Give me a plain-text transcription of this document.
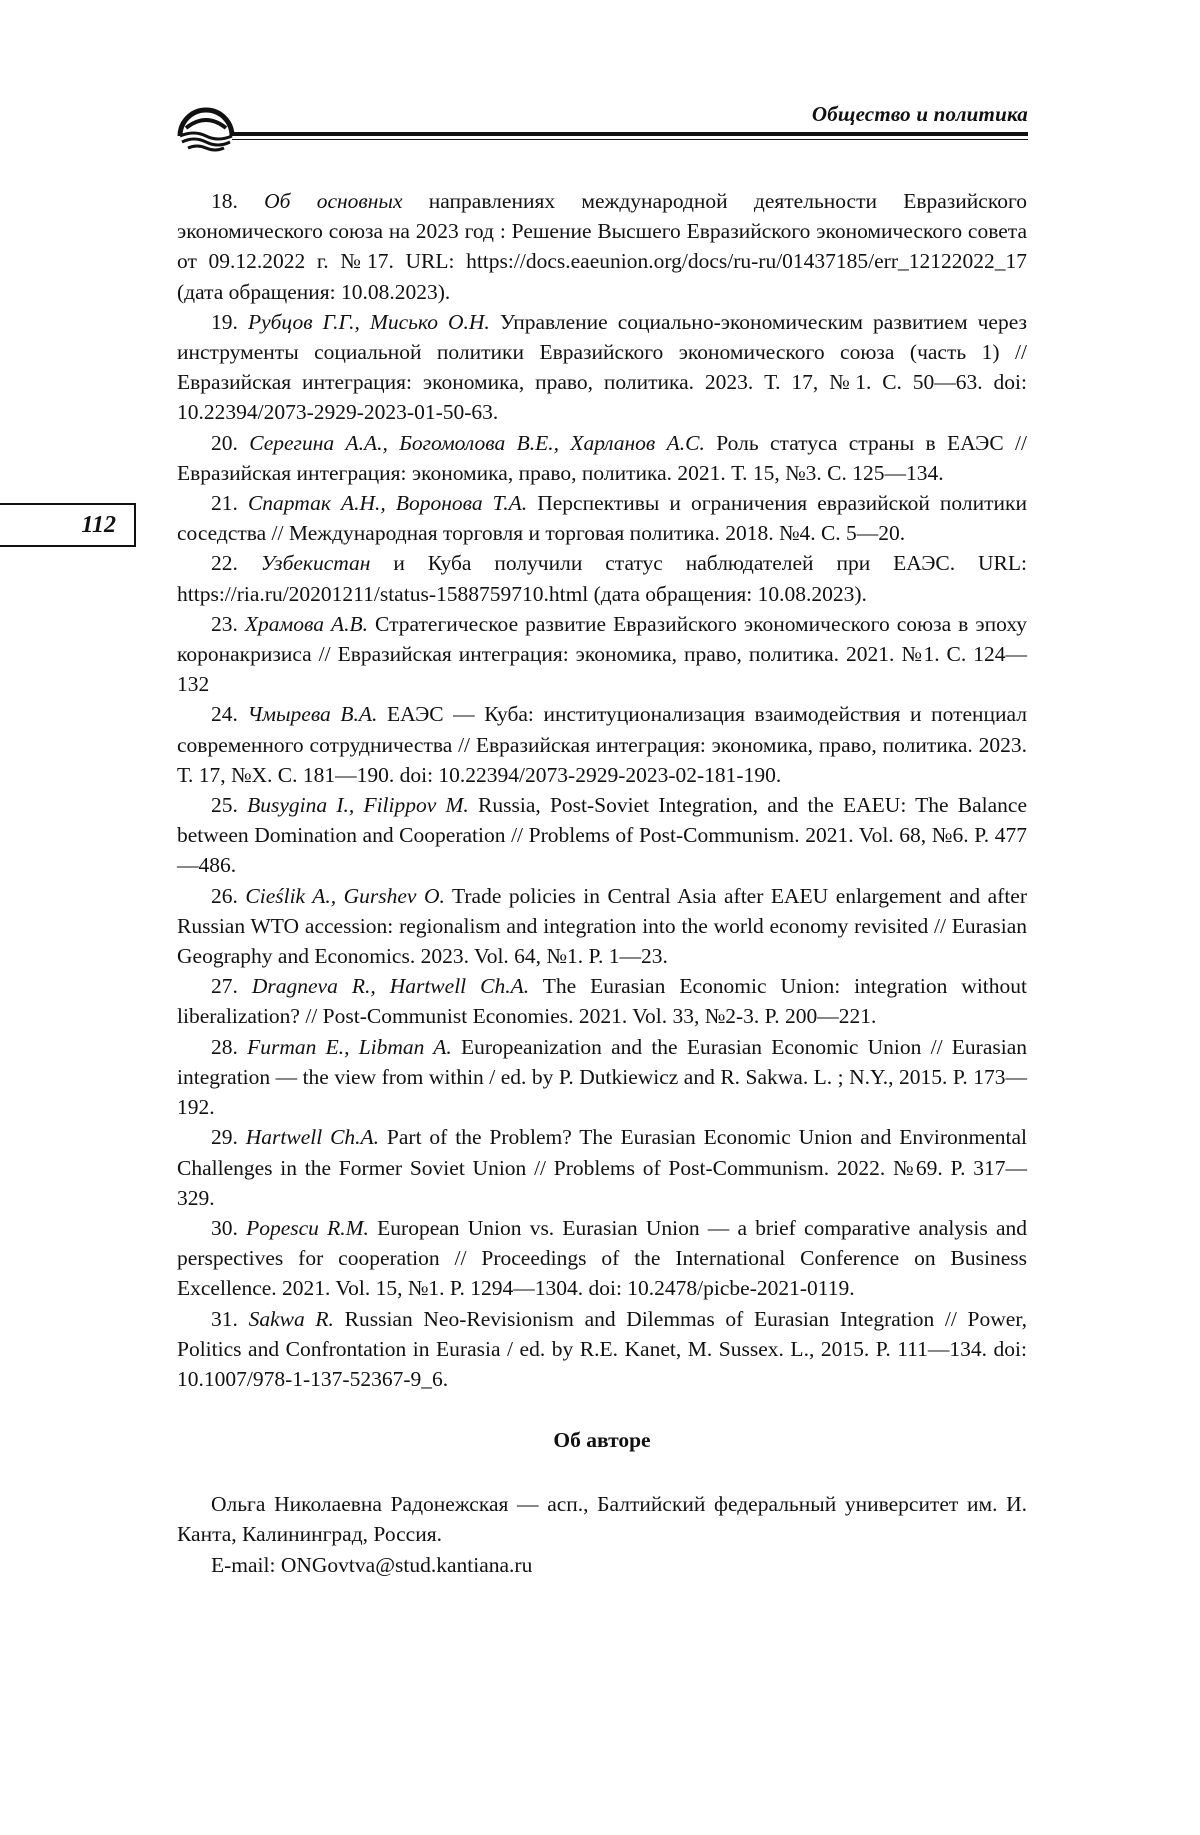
Общество и политика
112

18. Об основных направлениях международной деятельности Евразийского экономического союза на 2023 год : Решение Высшего Евразийского экономического совета от 09.12.2022 г. №17. URL: https://docs.eaeunion.org/docs/ru-ru/01437185/err_12122022_17 (дата обращения: 10.08.2023).

19. Рубцов Г.Г., Мисько О.Н. Управление социально-экономическим развитием через инструменты социальной политики Евразийского экономического союза (часть 1) // Евразийская интеграция: экономика, право, политика. 2023. Т. 17, №1. С. 50—63. doi: 10.22394/2073-2929-2023-01-50-63.

20. Серегина А.А., Богомолова В.Е., Харланов А.С. Роль статуса страны в ЕАЭС // Евразийская интеграция: экономика, право, политика. 2021. Т. 15, №3. С. 125—134.

21. Спартак А.Н., Воронова Т.А. Перспективы и ограничения евразийской политики соседства // Международная торговля и торговая политика. 2018. №4. С. 5—20.

22. Узбекистан и Куба получили статус наблюдателей при ЕАЭС. URL: https://ria.ru/20201211/status-1588759710.html (дата обращения: 10.08.2023).

23. Храмова А.В. Стратегическое развитие Евразийского экономического союза в эпоху коронакризиса // Евразийская интеграция: экономика, право, политика. 2021. №1. С. 124—132

24. Чмырева В.А. ЕАЭС — Куба: институционализация взаимодействия и потенциал современного сотрудничества // Евразийская интеграция: экономика, право, политика. 2023. Т. 17, №X. С. 181—190. doi: 10.22394/2073-2929-2023-02-181-190.

25. Busygina I., Filippov M. Russia, Post-Soviet Integration, and the EAEU: The Balance between Domination and Cooperation // Problems of Post-Communism. 2021. Vol. 68, №6. P. 477—486.

26. Cieślik A., Gurshev O. Trade policies in Central Asia after EAEU enlargement and after Russian WTO accession: regionalism and integration into the world economy revisited // Eurasian Geography and Economics. 2023. Vol. 64, №1. P. 1—23.

27. Dragneva R., Hartwell Ch.A. The Eurasian Economic Union: integration without liberalization? // Post-Communist Economies. 2021. Vol. 33, №2-3. P. 200—221.

28. Furman E., Libman A. Europeanization and the Eurasian Economic Union // Eurasian integration — the view from within / ed. by P. Dutkiewicz and R. Sakwa. L. ; N.Y., 2015. P. 173—192.

29. Hartwell Ch.A. Part of the Problem? The Eurasian Economic Union and Environmental Challenges in the Former Soviet Union // Problems of Post-Communism. 2022. №69. P. 317—329.

30. Popescu R.M. European Union vs. Eurasian Union — a brief comparative analysis and perspectives for cooperation // Proceedings of the International Conference on Business Excellence. 2021. Vol. 15, №1. P. 1294—1304. doi: 10.2478/picbe-2021-0119.

31. Sakwa R. Russian Neo-Revisionism and Dilemmas of Eurasian Integration // Power, Politics and Confrontation in Eurasia / ed. by R.E. Kanet, M. Sussex. L., 2015. P. 111—134. doi: 10.1007/978-1-137-52367-9_6.

Об авторе

Ольга Николаевна Радонежская — асп., Балтийский федеральный университет им. И. Канта, Калининград, Россия.

E-mail: ONGovtva@stud.kantiana.ru
